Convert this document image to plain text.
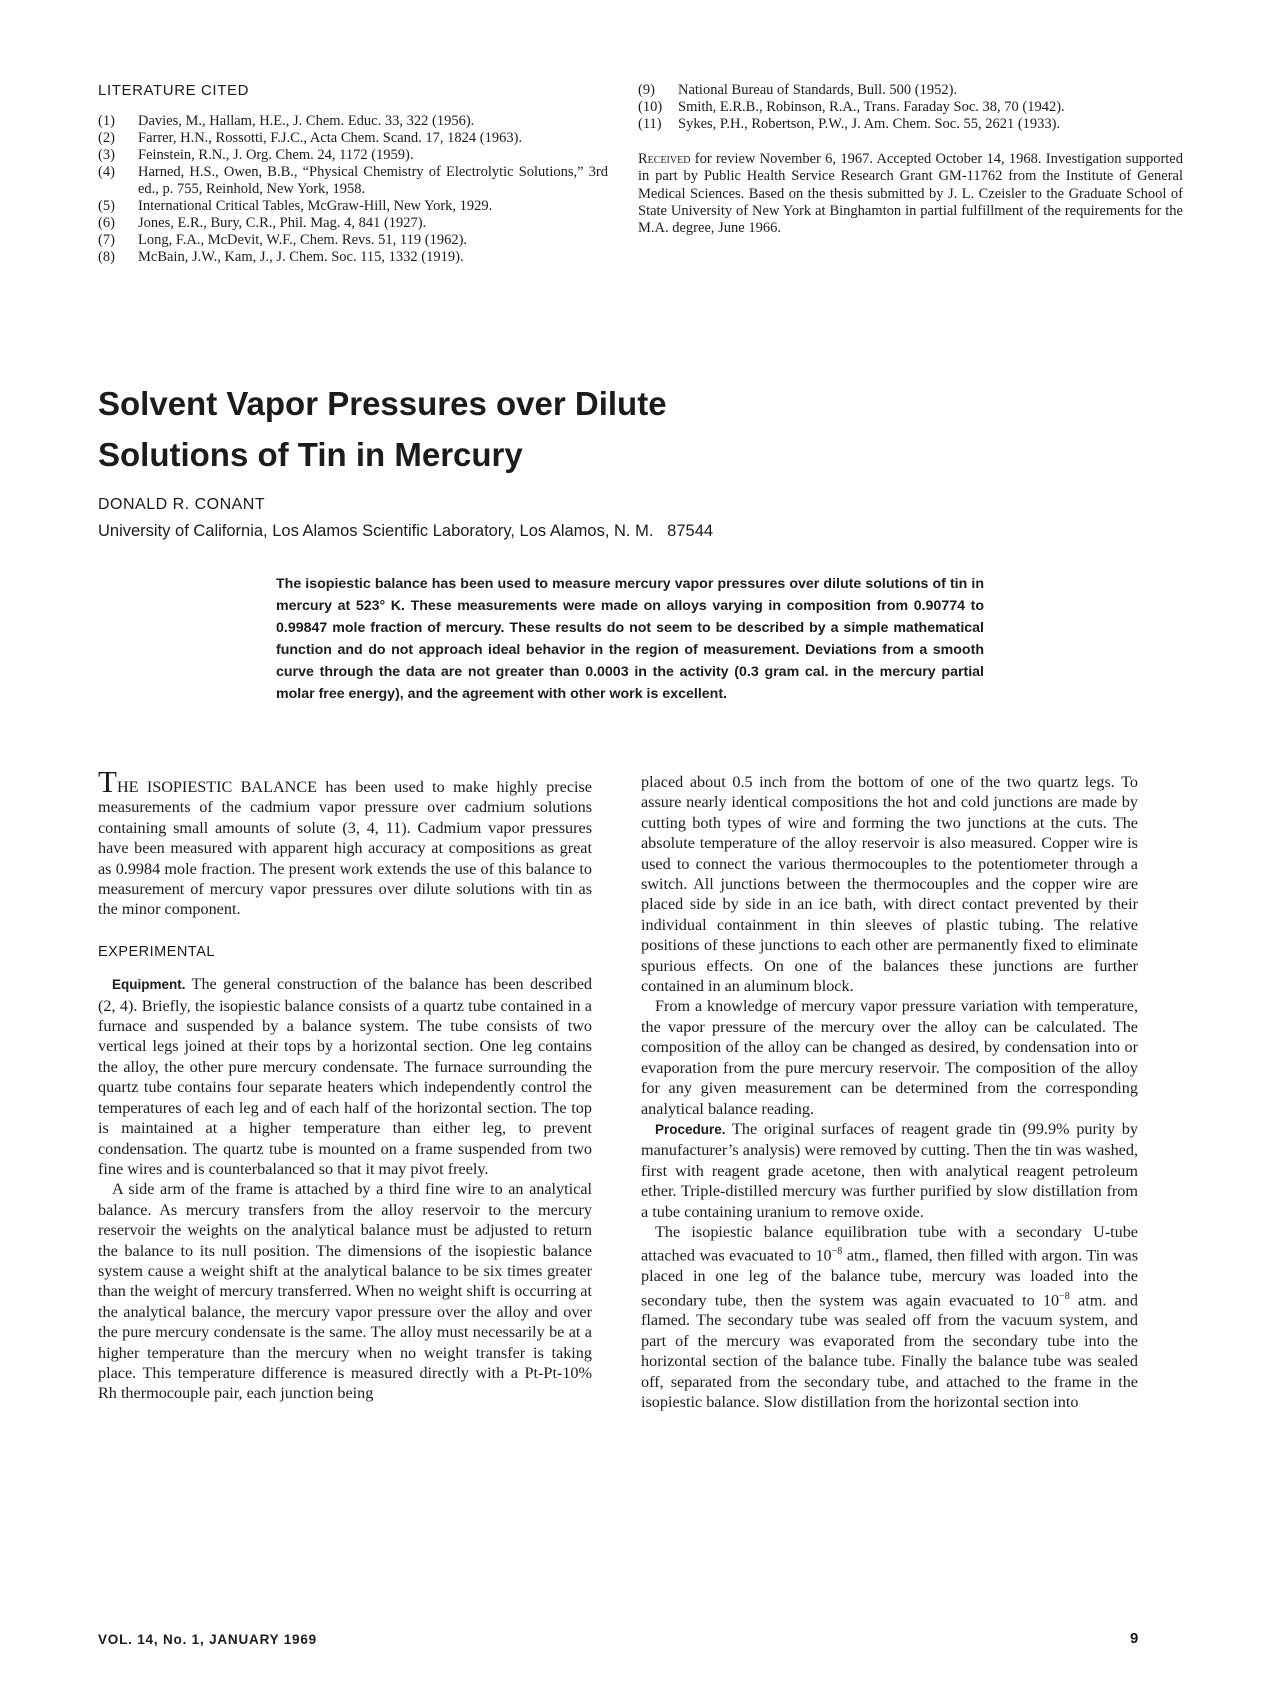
LITERATURE CITED
(1)	Davies, M., Hallam, H.E., J. Chem. Educ. 33, 322 (1956).
(2)	Farrer, H.N., Rossotti, F.J.C., Acta Chem. Scand. 17, 1824 (1963).
(3)	Feinstein, R.N., J. Org. Chem. 24, 1172 (1959).
(4)	Harned, H.S., Owen, B.B., “Physical Chemistry of Electrolytic Solutions,” 3rd ed., p. 755, Reinhold, New York, 1958.
(5)	International Critical Tables, McGraw-Hill, New York, 1929.
(6)	Jones, E.R., Bury, C.R., Phil. Mag. 4, 841 (1927).
(7)	Long, F.A., McDevit, W.F., Chem. Revs. 51, 119 (1962).
(8)	McBain, J.W., Kam, J., J. Chem. Soc. 115, 1332 (1919).
(9)	National Bureau of Standards, Bull. 500 (1952).
(10)	Smith, E.R.B., Robinson, R.A., Trans. Faraday Soc. 38, 70 (1942).
(11)	Sykes, P.H., Robertson, P.W., J. Am. Chem. Soc. 55, 2621 (1933).
Received for review November 6, 1967. Accepted October 14, 1968. Investigation supported in part by Public Health Service Research Grant GM-11762 from the Institute of General Medical Sciences. Based on the thesis submitted by J. L. Czeisler to the Graduate School of State University of New York at Binghamton in partial fulfillment of the requirements for the M.A. degree, June 1966.
Solvent Vapor Pressures over Dilute
Solutions of Tin in Mercury
DONALD R. CONANT
University of California, Los Alamos Scientific Laboratory, Los Alamos, N. M.   87544
The isopiestic balance has been used to measure mercury vapor pressures over dilute solutions of tin in mercury at 523° K. These measurements were made on alloys varying in composition from 0.90774 to 0.99847 mole fraction of mercury. These results do not seem to be described by a simple mathematical function and do not approach ideal behavior in the region of measurement. Deviations from a smooth curve through the data are not greater than 0.0003 in the activity (0.3 gram cal. in the mercury partial molar free energy), and the agreement with other work is excellent.

THE ISOPIESTIC BALANCE has been used to make highly precise measurements of the cadmium vapor pressure over cadmium solutions containing small amounts of solute (3, 4, 11). Cadmium vapor pressures have been measured with apparent high accuracy at compositions as great as 0.9984 mole fraction. The present work extends the use of this balance to measurement of mercury vapor pressures over dilute solutions with tin as the minor component.

EXPERIMENTAL

Equipment. The general construction of the balance has been described (2, 4). Briefly, the isopiestic balance consists of a quartz tube contained in a furnace and suspended by a balance system. The tube consists of two vertical legs joined at their tops by a horizontal section. One leg contains the alloy, the other pure mercury condensate. The furnace surrounding the quartz tube contains four separate heaters which independently control the temperatures of each leg and of each half of the horizontal section. The top is maintained at a higher temperature than either leg, to prevent condensation. The quartz tube is mounted on a frame suspended from two fine wires and is counterbalanced so that it may pivot freely.

A side arm of the frame is attached by a third fine wire to an analytical balance. As mercury transfers from the alloy reservoir to the mercury reservoir the weights on the analytical balance must be adjusted to return the balance to its null position. The dimensions of the isopiestic balance system cause a weight shift at the analytical balance to be six times greater than the weight of mercury transferred. When no weight shift is occurring at the analytical balance, the mercury vapor pressure over the alloy and over the pure mercury condensate is the same. The alloy must necessarily be at a higher temperature than the mercury when no weight transfer is taking place. This temperature difference is measured directly with a Pt-Pt-10% Rh thermocouple pair, each junction being

placed about 0.5 inch from the bottom of one of the two quartz legs. To assure nearly identical compositions the hot and cold junctions are made by cutting both types of wire and forming the two junctions at the cuts. The absolute temperature of the alloy reservoir is also measured. Copper wire is used to connect the various thermocouples to the potentiometer through a switch. All junctions between the thermocouples and the copper wire are placed side by side in an ice bath, with direct contact prevented by their individual containment in thin sleeves of plastic tubing. The relative positions of these junctions to each other are permanently fixed to eliminate spurious effects. On one of the balances these junctions are further contained in an aluminum block.

From a knowledge of mercury vapor pressure variation with temperature, the vapor pressure of the mercury over the alloy can be calculated. The composition of the alloy can be changed as desired, by condensation into or evaporation from the pure mercury reservoir. The composition of the alloy for any given measurement can be determined from the corresponding analytical balance reading.

Procedure. The original surfaces of reagent grade tin (99.9% purity by manufacturer’s analysis) were removed by cutting. Then the tin was washed, first with reagent grade acetone, then with analytical reagent petroleum ether. Triple-distilled mercury was further purified by slow distillation from a tube containing uranium to remove oxide.

The isopiestic balance equilibration tube with a secondary U-tube attached was evacuated to $10^{-8}$ atm., flamed, then filled with argon. Tin was placed in one leg of the balance tube, mercury was loaded into the secondary tube, then the system was again evacuated to $10^{-8}$ atm. and flamed. The secondary tube was sealed off from the vacuum system, and part of the mercury was evaporated from the secondary tube into the horizontal section of the balance tube. Finally the balance tube was sealed off, separated from the secondary tube, and attached to the frame in the isopiestic balance. Slow distillation from the horizontal section into

VOL. 14, No. 1, JANUARY 1969	9
